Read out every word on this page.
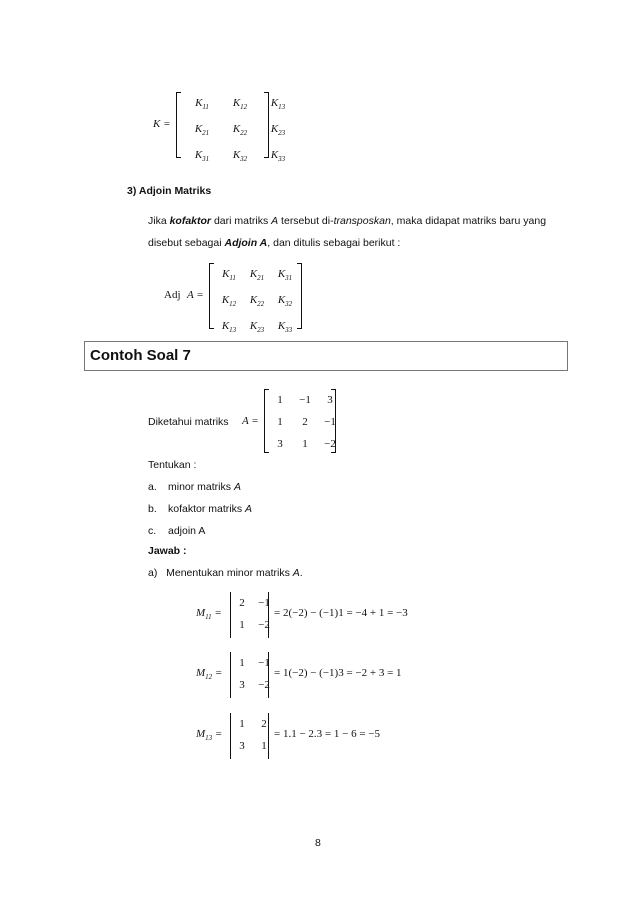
K =
$K_{11}$	$K_{12}$	$K_{13}$
$K_{21}$	$K_{22}$	$K_{23}$
$K_{31}$	$K_{32}$	$K_{33}$
3) Adjoin Matriks
Jika kofaktor dari matriks A tersebut di-transposkan, maka didapat matriks baru yang
disebut sebagai Adjoin A, dan ditulis sebagai berikut :
Adj A =
$K_{11}$	$K_{21}$	$K_{31}$
$K_{12}$	$K_{22}$	$K_{32}$
$K_{13}$	$K_{23}$	$K_{33}$
Contoh Soal 7
Diketahui matriks A =
1	−1	3
1	2	−1
3	1	−2
Tentukan :
a. minor matriks A
b. kofaktor matriks A
c. adjoin A
Jawab :
a) Menentukan minor matriks A.
$M_{11}$ =
2	−1
1	−2
= 2(−2) − (−1)1 = −4 + 1 = −3
$M_{12}$ =
1	−1
3	−2
= 1(−2) − (−1)3 = −2 + 3 = 1
$M_{13}$ =
1	2
3	1
= 1.1 − 2.3 = 1 − 6 = −5
8
